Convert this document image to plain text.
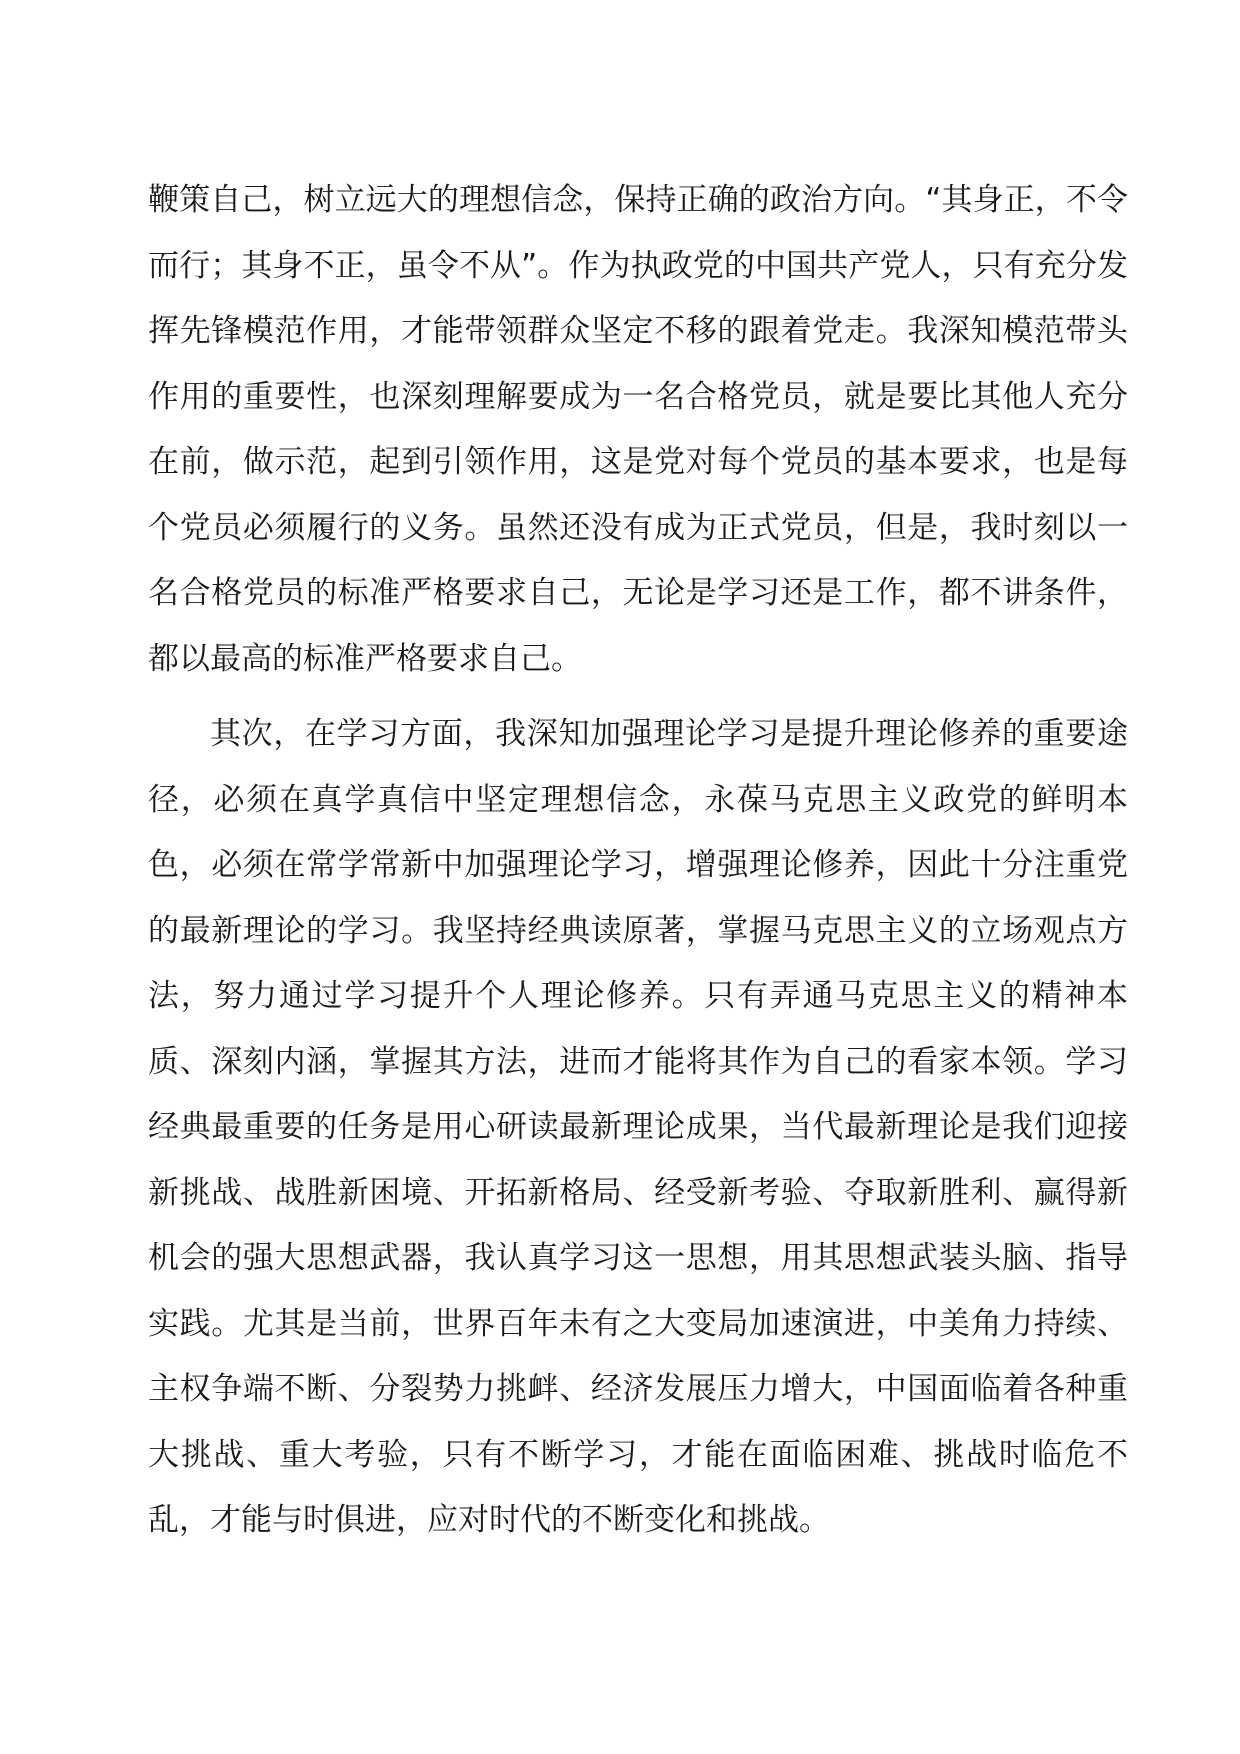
鞭策自己，树立远大的理想信念，保持正确的政治方向。“其身正，不令而行；其身不正，虽令不从”。作为执政党的中国共产党人，只有充分发挥先锋模范作用，才能带领群众坚定不移的跟着党走。我深知模范带头作用的重要性，也深刻理解要成为一名合格党员，就是要比其他人充分在前，做示范，起到引领作用，这是党对每个党员的基本要求，也是每个党员必须履行的义务。虽然还没有成为正式党员，但是，我时刻以一名合格党员的标准严格要求自己，无论是学习还是工作，都不讲条件，都以最高的标准严格要求自己。

其次，在学习方面，我深知加强理论学习是提升理论修养的重要途径，必须在真学真信中坚定理想信念，永葆马克思主义政党的鲜明本色，必须在常学常新中加强理论学习，增强理论修养，因此十分注重党的最新理论的学习。我坚持经典读原著，掌握马克思主义的立场观点方法，努力通过学习提升个人理论修养。只有弄通马克思主义的精神本质、深刻内涵，掌握其方法，进而才能将其作为自己的看家本领。学习经典最重要的任务是用心研读最新理论成果，当代最新理论是我们迎接新挑战、战胜新困境、开拓新格局、经受新考验、夺取新胜利、赢得新机会的强大思想武器，我认真学习这一思想，用其思想武装头脑、指导实践。尤其是当前，世界百年未有之大变局加速演进，中美角力持续、主权争端不断、分裂势力挑衅、经济发展压力增大，中国面临着各种重大挑战、重大考验，只有不断学习，才能在面临困难、挑战时临危不乱，才能与时俱进，应对时代的不断变化和挑战。
